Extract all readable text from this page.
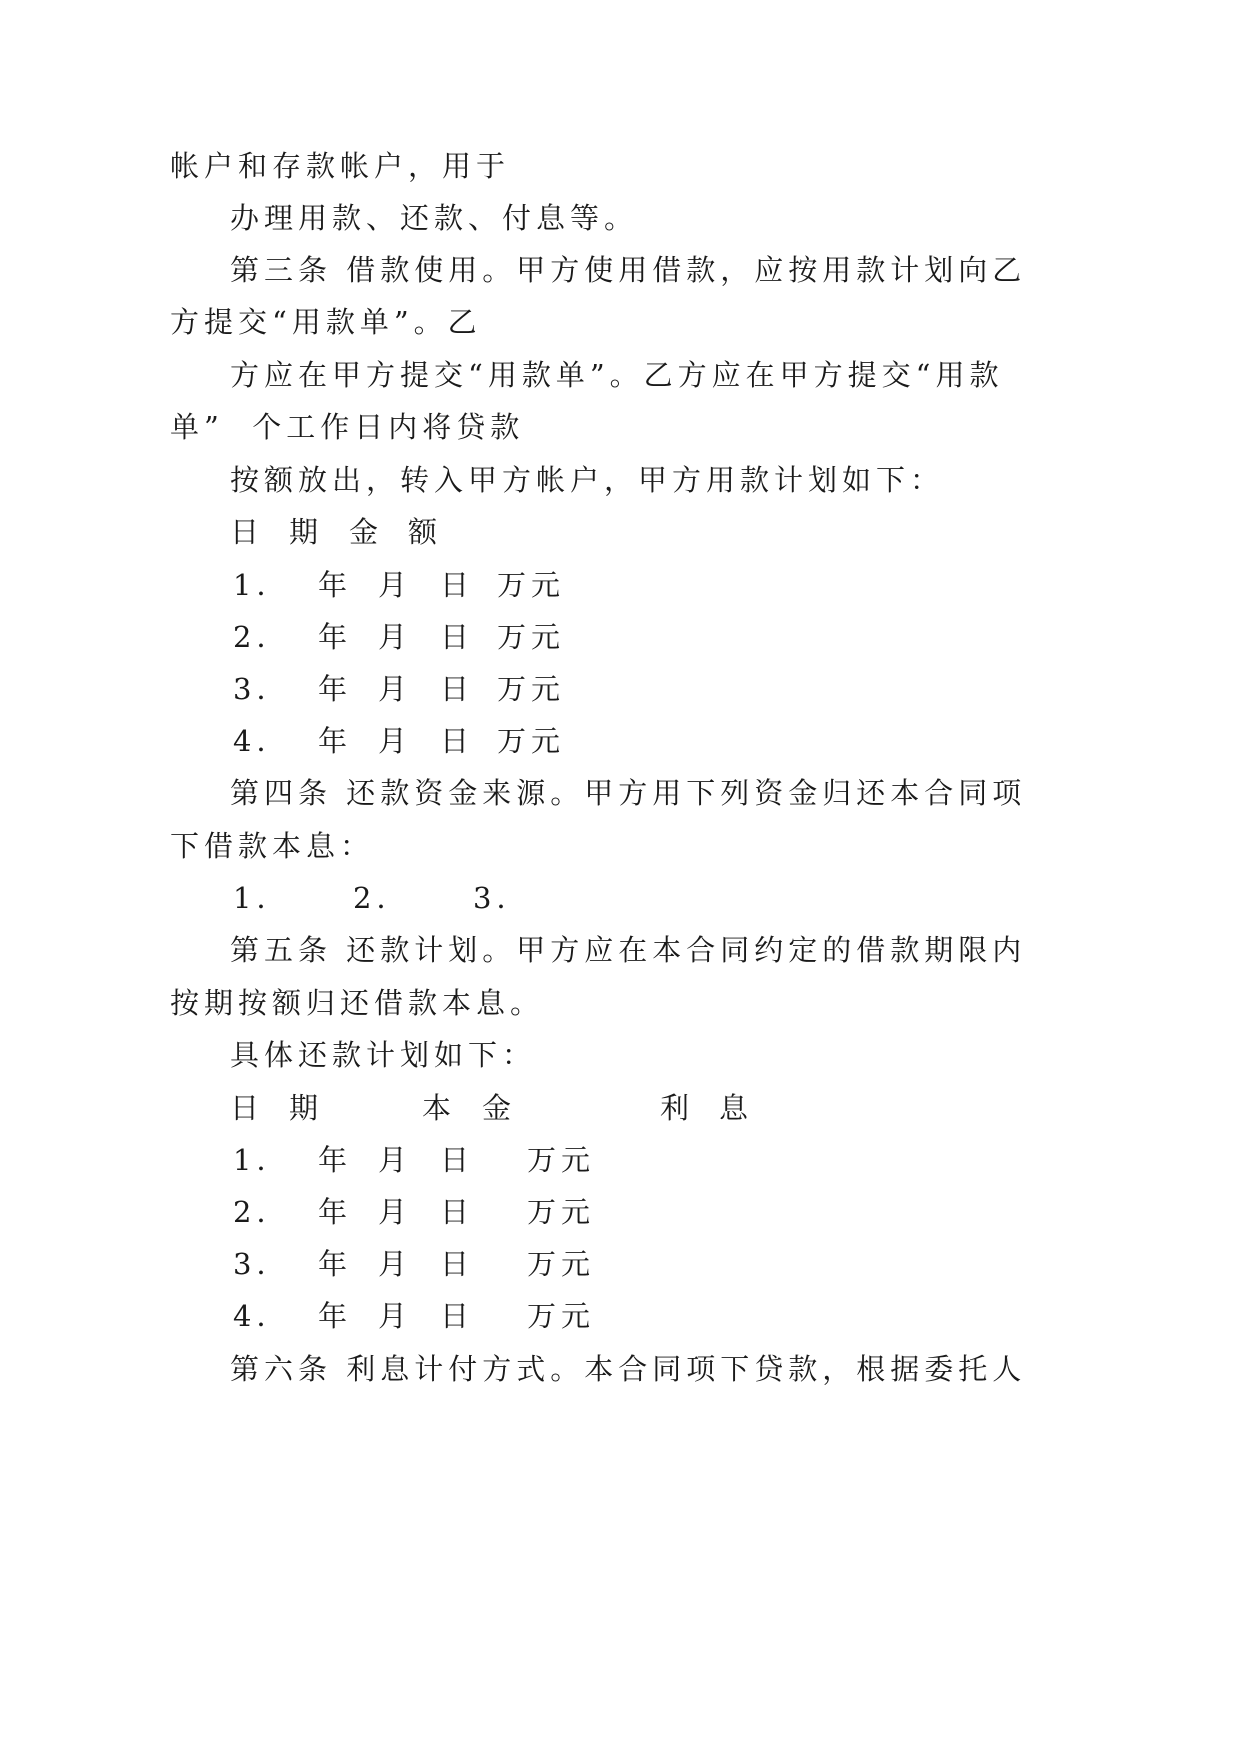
帐户和存款帐户，用于
办理用款、还款、付息等。
第三条 借款使用。甲方使用借款，应按用款计划向乙
方提交“用款单”。乙
方应在甲方提交“用款单”。乙方应在甲方提交“用款
单”  个工作日内将贷款
按额放出，转入甲方帐户，甲方用款计划如下：
日 期 金 额
1． 年 月 日 万元
2． 年 月 日 万元
3． 年 月 日 万元
4． 年 月 日 万元
第四条 还款资金来源。甲方用下列资金归还本合同项
下借款本息：
1． 2． 3．
第五条 还款计划。甲方应在本合同约定的借款期限内
按期按额归还借款本息。
具体还款计划如下：
日 期	本 金	利 息
1． 年 月 日 万元
2． 年 月 日 万元
3． 年 月 日 万元
4． 年 月 日 万元
第六条 利息计付方式。本合同项下贷款，根据委托人
